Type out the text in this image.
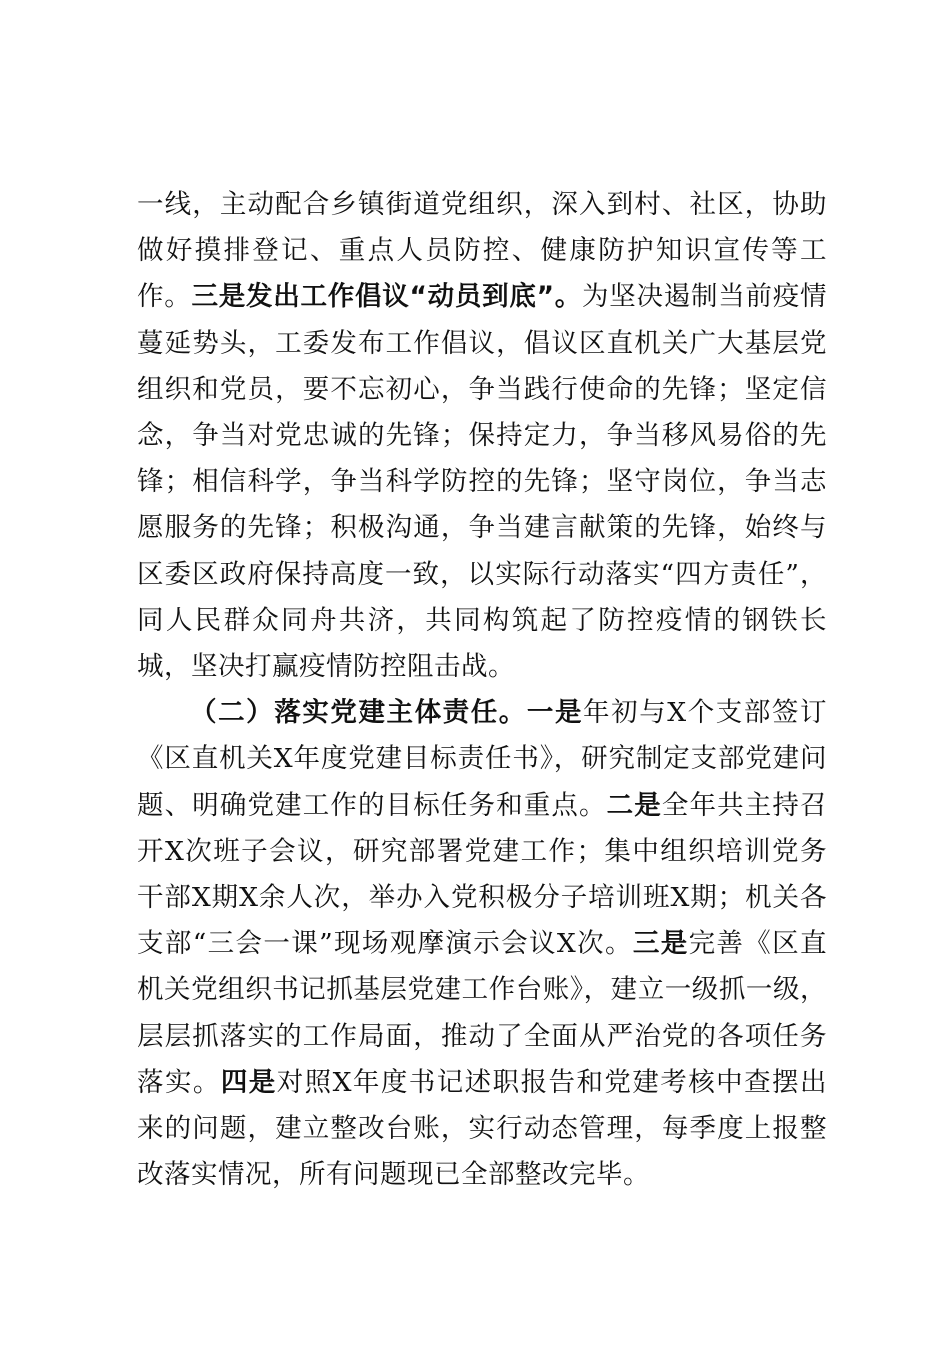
一线，主动配合乡镇街道党组织，深入到村、社区，协助做好摸排登记、重点人员防控、健康防护知识宣传等工作。三是发出工作倡议“动员到底”。为坚决遏制当前疫情蔓延势头，工委发布工作倡议，倡议区直机关广大基层党组织和党员，要不忘初心，争当践行使命的先锋；坚定信念，争当对党忠诚的先锋；保持定力，争当移风易俗的先锋；相信科学，争当科学防控的先锋；坚守岗位，争当志愿服务的先锋；积极沟通，争当建言献策的先锋，始终与区委区政府保持高度一致，以实际行动落实“四方责任”，同人民群众同舟共济，共同构筑起了防控疫情的钢铁长城，坚决打赢疫情防控阻击战。

（二）落实党建主体责任。一是年初与X个支部签订《区直机关X年度党建目标责任书》，研究制定支部党建问题、明确党建工作的目标任务和重点。二是全年共主持召开X次班子会议，研究部署党建工作；集中组织培训党务干部X期X余人次，举办入党积极分子培训班X期；机关各支部“三会一课”现场观摩演示会议X次。三是完善《区直机关党组织书记抓基层党建工作台账》，建立一级抓一级，层层抓落实的工作局面，推动了全面从严治党的各项任务落实。四是对照X年度书记述职报告和党建考核中查摆出来的问题，建立整改台账，实行动态管理，每季度上报整改落实情况，所有问题现已全部整改完毕。
